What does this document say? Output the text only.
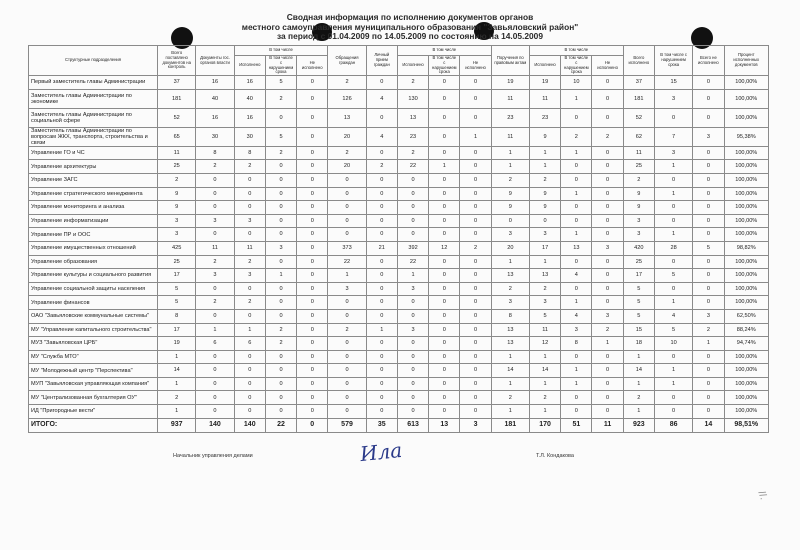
Сводная информация по исполнению документов органов
местного самоуправления муниципального образования "Завьяловский район"
за период с 01.04.2009 по 14.05.2009 по состоянию на 14.05.2009
Структурные подразделения	Всего поставлено документов на контроль	Документы гос. органов власти	В том числе			Обращения граждан	Личный прием граждан	В том числе			Поручения по правовым актам	В том числе			Всего исполнено	В том числе с нарушением срока	Всего не исполнено	Процент исполненных документов
			Исполнено	В том числе с нарушением срока	Не исполнено			Исполнено	В том числе с нарушением срока	Не исполнено		Исполнено	В том числе с нарушением срока	Не исполнено				
Первый заместитель главы Администрации	37	16	16	5	0	2	0	2	0	0	19	19	10	0	37	15	0	100,00%
Заместитель главы Администрации по экономике	181	40	40	2	0	126	4	130	0	0	11	11	1	0	181	3	0	100,00%
Заместитель главы Администрации по социальной сфере	52	16	16	0	0	13	0	13	0	0	23	23	0	0	52	0	0	100,00%
Заместитель главы Администрации по вопросам ЖКХ, транспорта, строительства и связи	65	30	30	5	0	20	4	23	0	1	11	9	2	2	62	7	3	95,38%
Управление ГО и ЧС	11	8	8	2	0	2	0	2	0	0	1	1	1	0	11	3	0	100,00%
Управление архитектуры	25	2	2	0	0	20	2	22	1	0	1	1	0	0	25	1	0	100,00%
Управление ЗАГС	2	0	0	0	0	0	0	0	0	0	2	2	0	0	2	0	0	100,00%
Управление стратегического менеджмента	9	0	0	0	0	0	0	0	0	0	9	9	1	0	9	1	0	100,00%
Управление мониторинга и анализа	9	0	0	0	0	0	0	0	0	0	9	9	0	0	9	0	0	100,00%
Управление информатизации	3	3	3	0	0	0	0	0	0	0	0	0	0	0	3	0	0	100,00%
Управление ПР и ООС	3	0	0	0	0	0	0	0	0	0	3	3	1	0	3	1	0	100,00%
Управление имущественных отношений	425	11	11	3	0	373	21	392	12	2	20	17	13	3	420	28	5	98,82%
Управление образования	25	2	2	0	0	22	0	22	0	0	1	1	0	0	25	0	0	100,00%
Управление культуры и социального развития	17	3	3	1	0	1	0	1	0	0	13	13	4	0	17	5	0	100,00%
Управление социальной защиты населения	5	0	0	0	0	3	0	3	0	0	2	2	0	0	5	0	0	100,00%
Управление финансов	5	2	2	0	0	0	0	0	0	0	3	3	1	0	5	1	0	100,00%
ОАО "Завьяловские коммунальные системы"	8	0	0	0	0	0	0	0	0	0	8	5	4	3	5	4	3	62,50%
МУ "Управление капитального строительства"	17	1	1	2	0	2	1	3	0	0	13	11	3	2	15	5	2	88,24%
МУЗ "Завьяловская ЦРБ"	19	6	6	2	0	0	0	0	0	0	13	12	8	1	18	10	1	94,74%
МУ "Служба МТО"	1	0	0	0	0	0	0	0	0	0	1	1	0	0	1	0	0	100,00%
МУ "Молодежный центр "Перспектива"	14	0	0	0	0	0	0	0	0	0	14	14	1	0	14	1	0	100,00%
МУП "Завьяловская управляющая компания"	1	0	0	0	0	0	0	0	0	0	1	1	1	0	1	1	0	100,00%
МУ "Централизованная бухгалтерия ОУ"	2	0	0	0	0	0	0	0	0	0	2	2	0	0	2	0	0	100,00%
ИД "Пригородные вести"	1	0	0	0	0	0	0	0	0	0	1	1	0	0	1	0	0	100,00%
ИТОГО:	937	140	140	22	0	579	35	613	13	3	181	170	51	11	923	86	14	98,51%
Начальник управления делами	Ила	Т.Л. Кондакова
//.
